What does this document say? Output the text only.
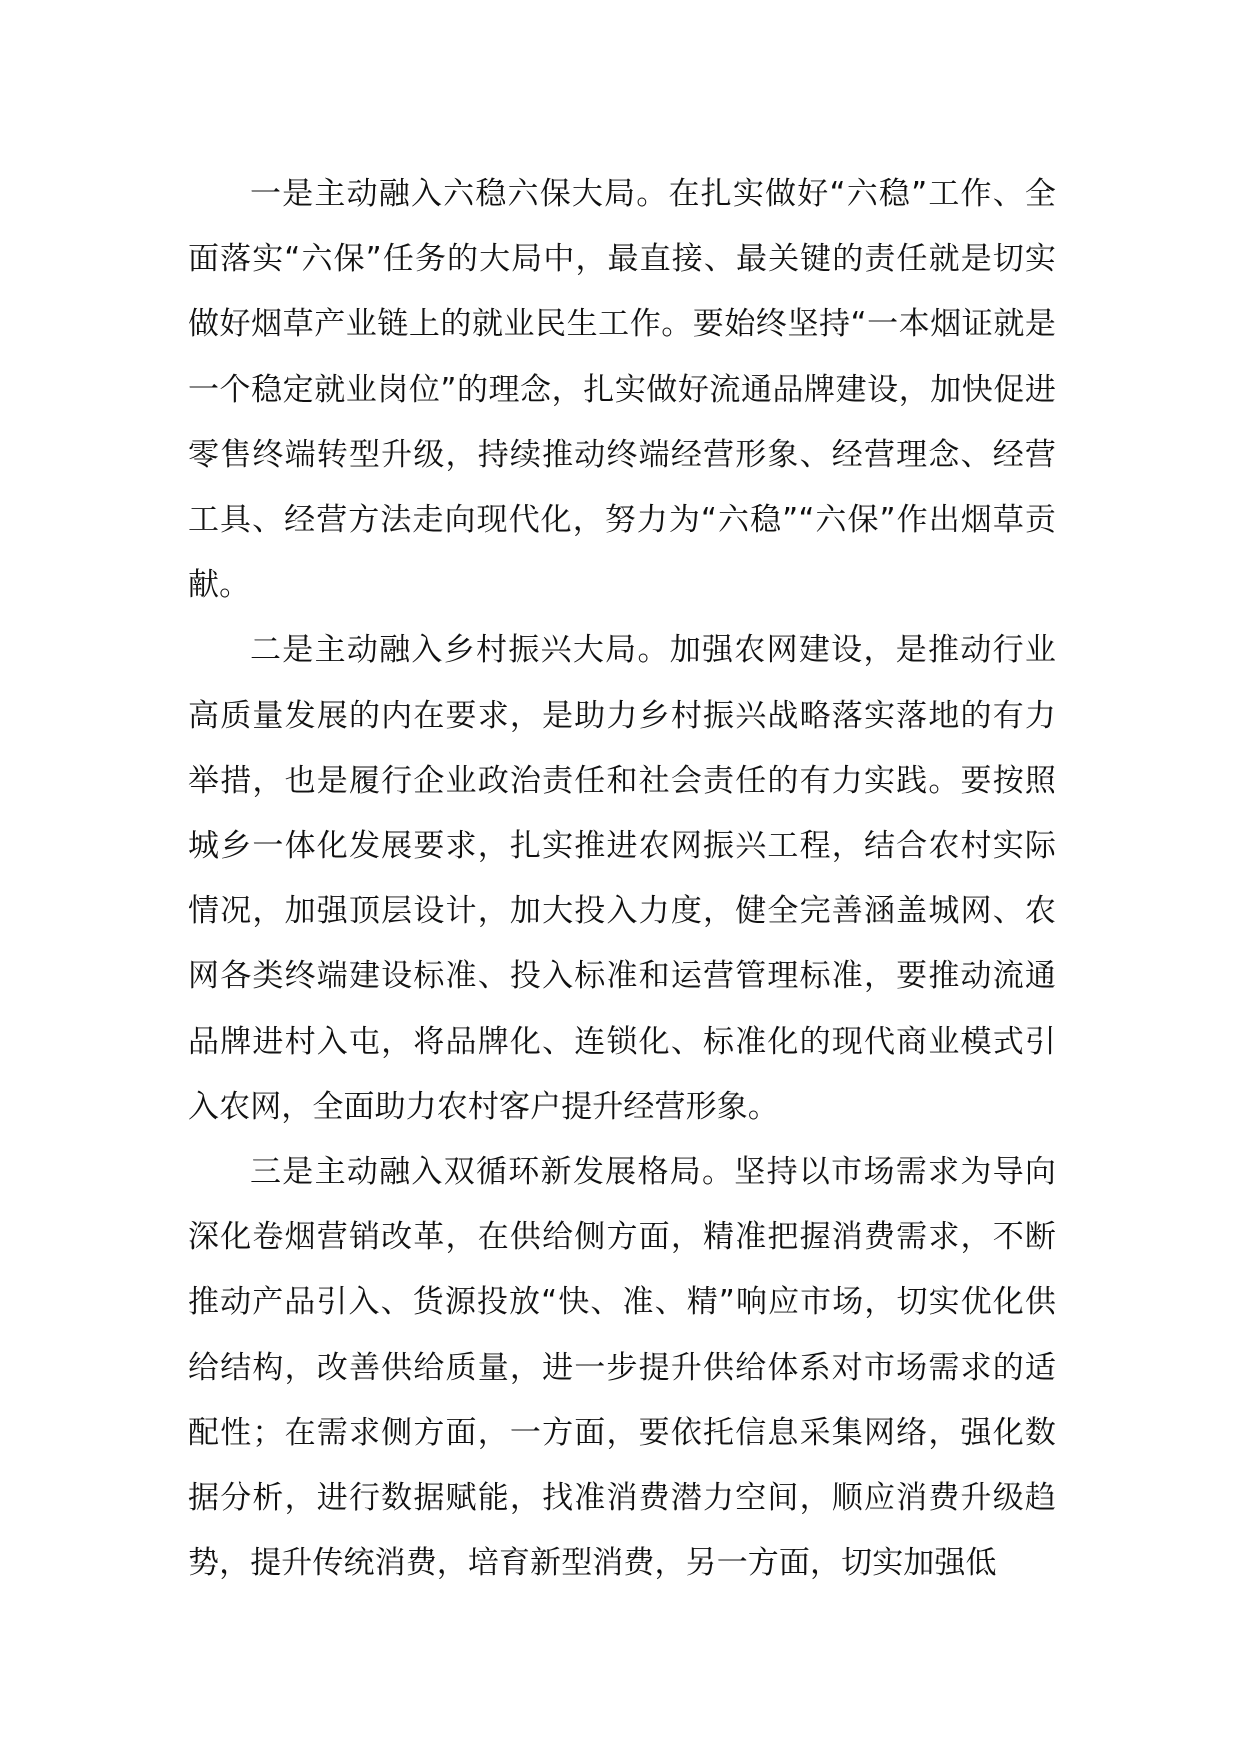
一是主动融入六稳六保大局。在扎实做好“六稳”工作、全面落实“六保”任务的大局中，最直接、最关键的责任就是切实做好烟草产业链上的就业民生工作。要始终坚持“一本烟证就是一个稳定就业岗位”的理念，扎实做好流通品牌建设，加快促进零售终端转型升级，持续推动终端经营形象、经营理念、经营工具、经营方法走向现代化，努力为“六稳”“六保”作出烟草贡献。

二是主动融入乡村振兴大局。加强农网建设，是推动行业高质量发展的内在要求，是助力乡村振兴战略落实落地的有力举措，也是履行企业政治责任和社会责任的有力实践。要按照城乡一体化发展要求，扎实推进农网振兴工程，结合农村实际情况，加强顶层设计，加大投入力度，健全完善涵盖城网、农网各类终端建设标准、投入标准和运营管理标准，要推动流通品牌进村入屯，将品牌化、连锁化、标准化的现代商业模式引入农网，全面助力农村客户提升经营形象。

三是主动融入双循环新发展格局。坚持以市场需求为导向深化卷烟营销改革，在供给侧方面，精准把握消费需求，不断推动产品引入、货源投放“快、准、精”响应市场，切实优化供给结构，改善供给质量，进一步提升供给体系对市场需求的适配性；在需求侧方面，一方面，要依托信息采集网络，强化数据分析，进行数据赋能，找准消费潜力空间，顺应消费升级趋势，提升传统消费，培育新型消费，另一方面，切实加强低
